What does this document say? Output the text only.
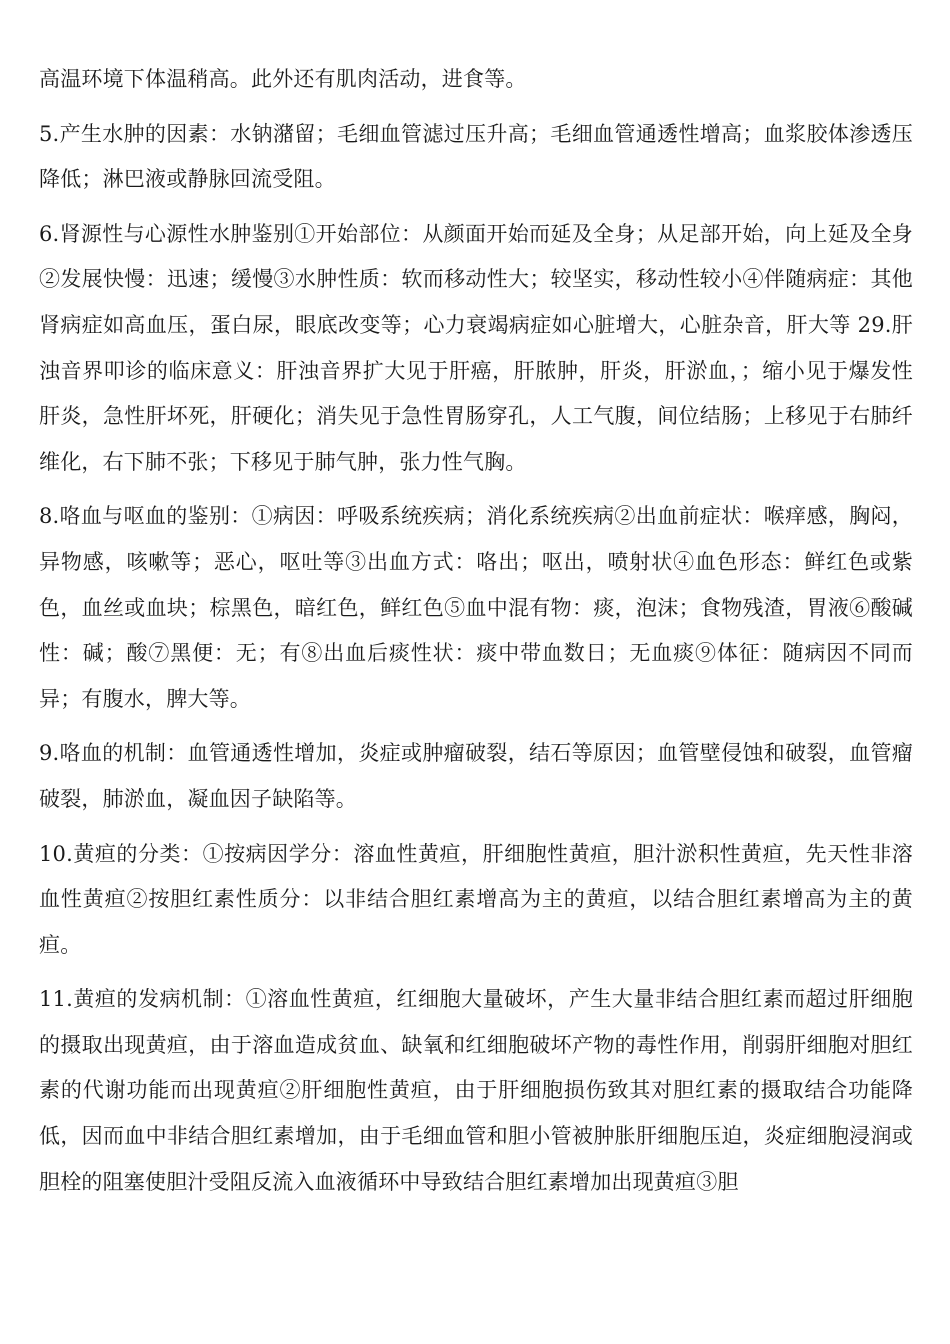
高温环境下体温稍高。此外还有肌肉活动，进食等。

5.产生水肿的因素：水钠潴留；毛细血管滤过压升高；毛细血管通透性增高；血浆胶体渗透压降低；淋巴液或静脉回流受阻。

6.肾源性与心源性水肿鉴别①开始部位：从颜面开始而延及全身；从足部开始，向上延及全身②发展快慢：迅速；缓慢③水肿性质：软而移动性大；较坚实，移动性较小④伴随病症：其他肾病症如高血压，蛋白尿，眼底改变等；心力衰竭病症如心脏增大，心脏杂音，肝大等 29.肝浊音界叩诊的临床意义：肝浊音界扩大见于肝癌，肝脓肿，肝炎，肝淤血，；缩小见于爆发性肝炎，急性肝坏死，肝硬化；消失见于急性胃肠穿孔，人工气腹，间位结肠；上移见于右肺纤维化，右下肺不张；下移见于肺气肿，张力性气胸。

8.咯血与呕血的鉴别：①病因：呼吸系统疾病；消化系统疾病②出血前症状：喉痒感，胸闷，异物感，咳嗽等；恶心，呕吐等③出血方式：咯出；呕出，喷射状④血色形态：鲜红色或紫色，血丝或血块；棕黑色，暗红色，鲜红色⑤血中混有物：痰，泡沫；食物残渣，胃液⑥酸碱性：碱；酸⑦黑便：无；有⑧出血后痰性状：痰中带血数日；无血痰⑨体征：随病因不同而异；有腹水，脾大等。

9.咯血的机制：血管通透性增加，炎症或肿瘤破裂，结石等原因；血管壁侵蚀和破裂，血管瘤破裂，肺淤血，凝血因子缺陷等。

10.黄疸的分类：①按病因学分：溶血性黄疸，肝细胞性黄疸，胆汁淤积性黄疸，先天性非溶血性黄疸②按胆红素性质分：以非结合胆红素增高为主的黄疸，以结合胆红素增高为主的黄疸。

11.黄疸的发病机制：①溶血性黄疸，红细胞大量破坏，产生大量非结合胆红素而超过肝细胞的摄取出现黄疸，由于溶血造成贫血、缺氧和红细胞破坏产物的毒性作用，削弱肝细胞对胆红素的代谢功能而出现黄疸②肝细胞性黄疸，由于肝细胞损伤致其对胆红素的摄取结合功能降低，因而血中非结合胆红素增加，由于毛细血管和胆小管被肿胀肝细胞压迫，炎症细胞浸润或胆栓的阻塞使胆汁受阻反流入血液循环中导致结合胆红素增加出现黄疸③胆
